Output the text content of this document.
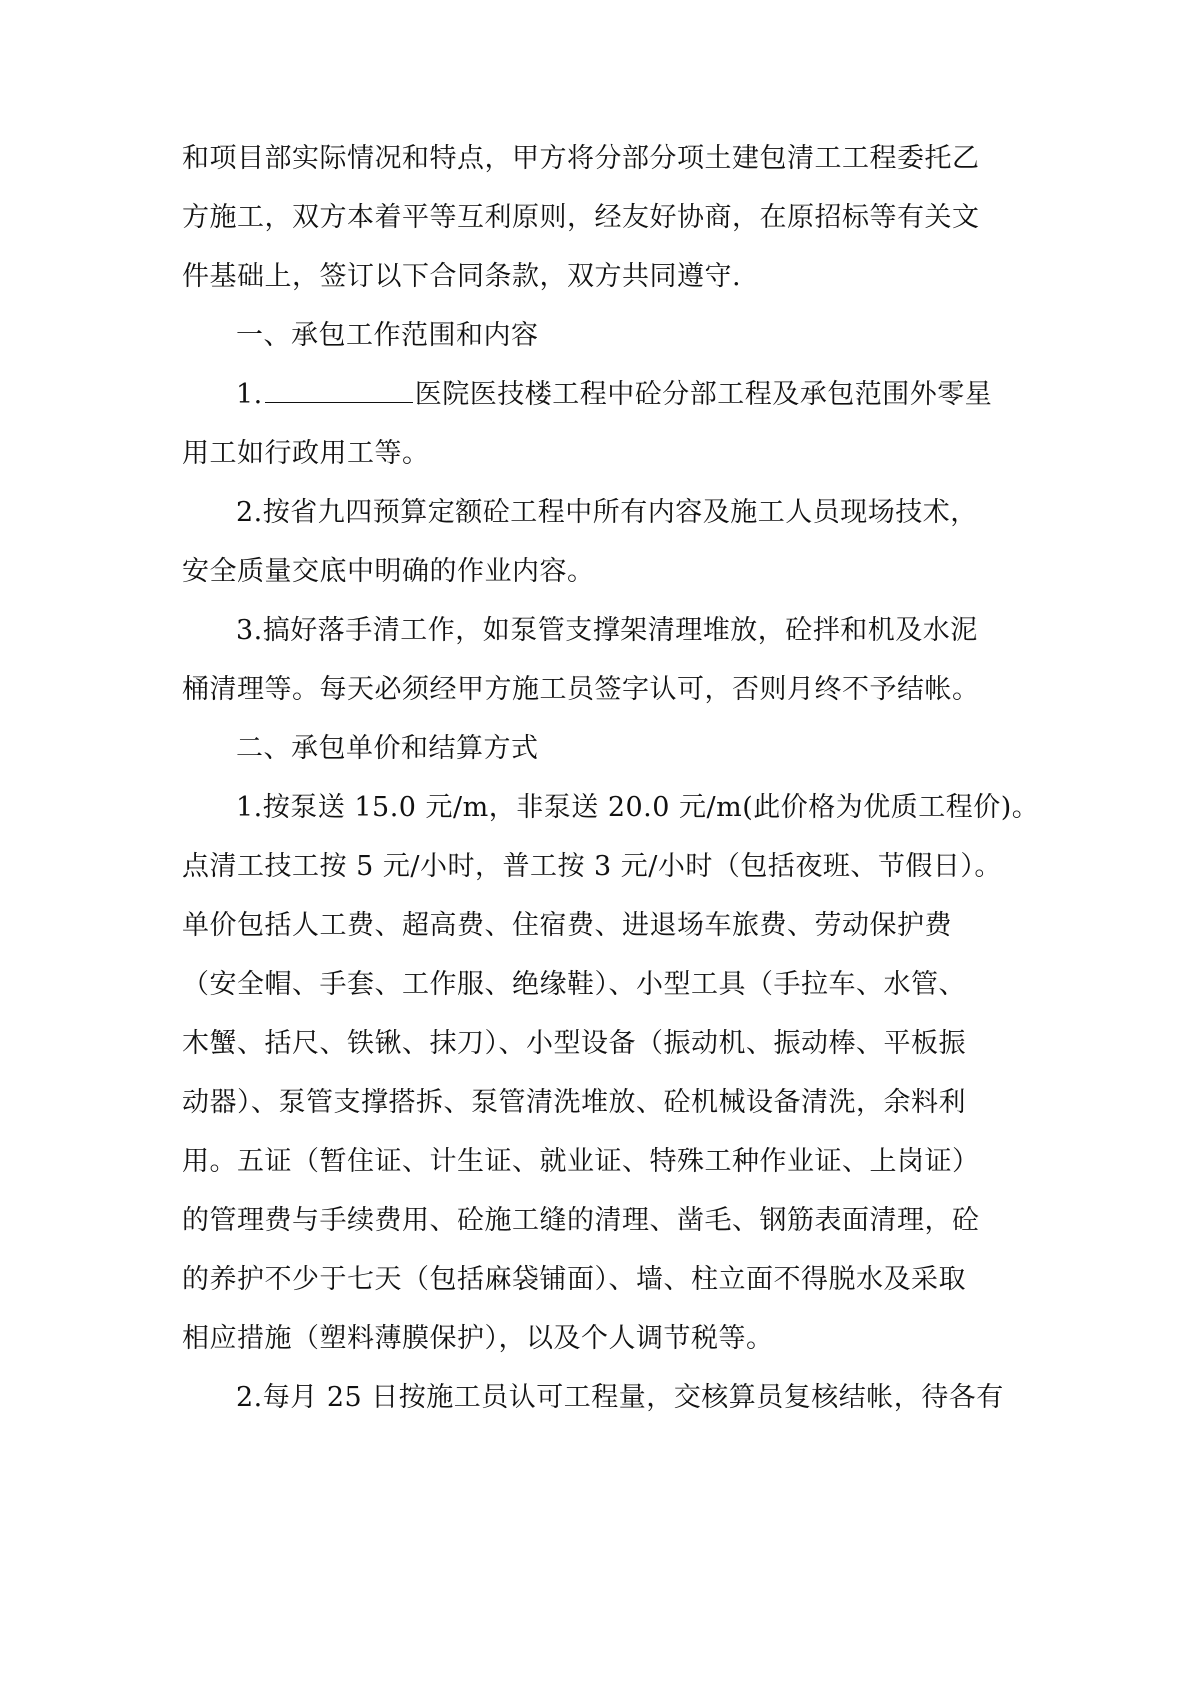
和项目部实际情况和特点，甲方将分部分项土建包清工工程委托乙
方施工，双方本着平等互利原则，经友好协商，在原招标等有关文
件基础上，签订以下合同条款，双方共同遵守.
一、承包工作范围和内容
1.	医院医技楼工程中砼分部工程及承包范围外零星
用工如行政用工等。
2.按省九四预算定额砼工程中所有内容及施工人员现场技术，
安全质量交底中明确的作业内容。
3.搞好落手清工作，如泵管支撑架清理堆放，砼拌和机及水泥
桶清理等。每天必须经甲方施工员签字认可，否则月终不予结帐。
二、承包单价和结算方式
1.按泵送 15.0 元/m，非泵送 20.0 元/m(此价格为优质工程价)。
点清工技工按 5 元/小时，普工按 3 元/小时（包括夜班、节假日）。
单价包括人工费、超高费、住宿费、进退场车旅费、劳动保护费
（安全帽、手套、工作服、绝缘鞋）、小型工具（手拉车、水管、
木蟹、括尺、铁锹、抹刀）、小型设备（振动机、振动棒、平板振
动器）、泵管支撑搭拆、泵管清洗堆放、砼机械设备清洗，余料利
用。五证（暂住证、计生证、就业证、特殊工种作业证、上岗证）
的管理费与手续费用、砼施工缝的清理、凿毛、钢筋表面清理，砼
的养护不少于七天（包括麻袋铺面）、墙、柱立面不得脱水及采取
相应措施（塑料薄膜保护），以及个人调节税等。
2.每月 25 日按施工员认可工程量，交核算员复核结帐，待各有
